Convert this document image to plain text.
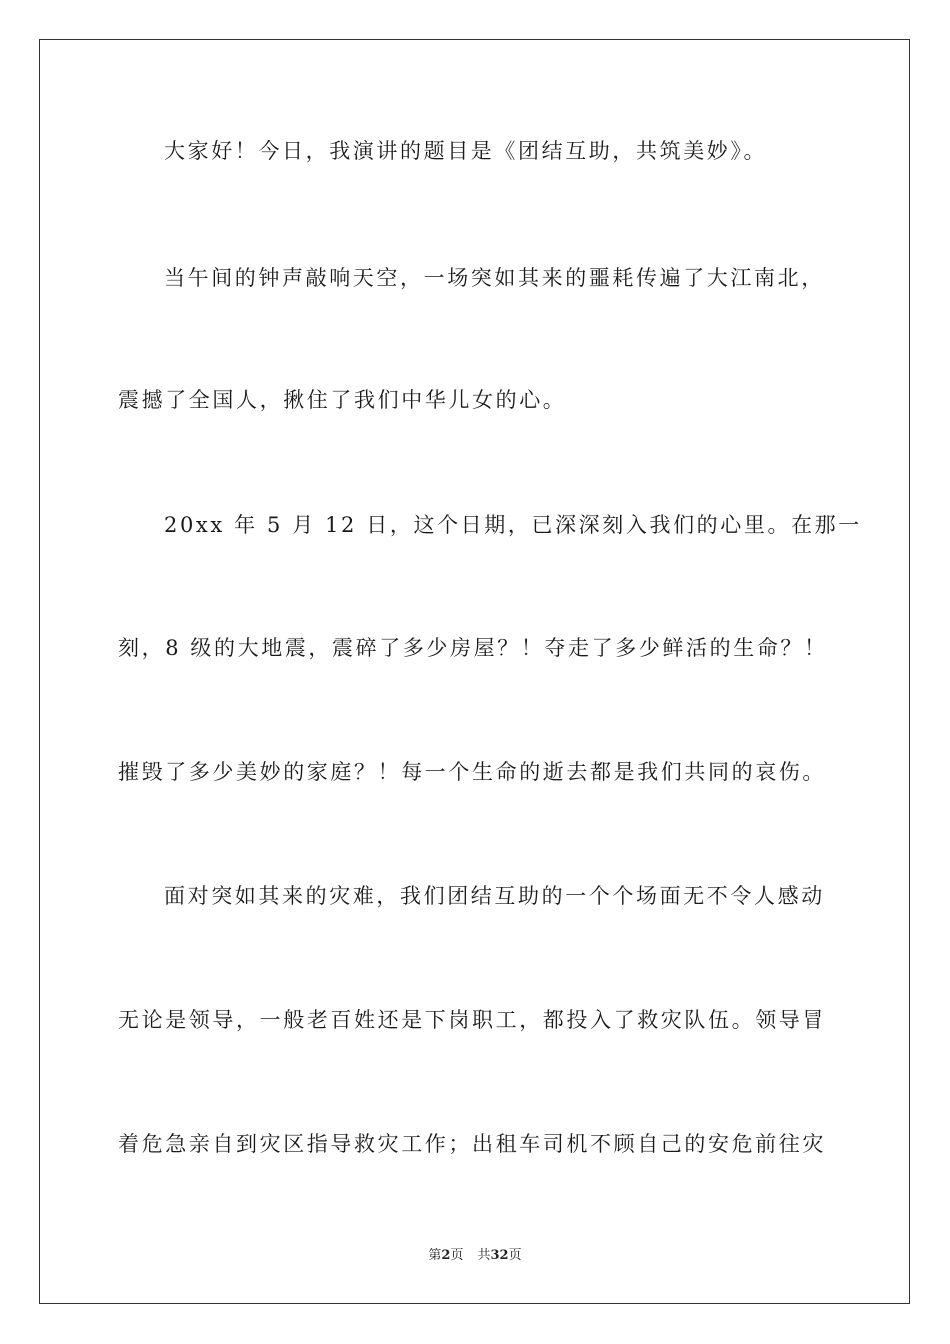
大家好！今日，我演讲的题目是《团结互助，共筑美妙》。
当午间的钟声敲响天空，一场突如其来的噩耗传遍了大江南北，
震撼了全国人，揪住了我们中华儿女的心。
20xx 年 5 月 12 日，这个日期，已深深刻入我们的心里。在那一
刻，8 级的大地震，震碎了多少房屋？！夺走了多少鲜活的生命？！
摧毁了多少美妙的家庭？！每一个生命的逝去都是我们共同的哀伤。
面对突如其来的灾难，我们团结互助的一个个场面无不令人感动
无论是领导，一般老百姓还是下岗职工，都投入了救灾队伍。领导冒
着危急亲自到灾区指导救灾工作；出租车司机不顾自己的安危前往灾
第2页 共32页
